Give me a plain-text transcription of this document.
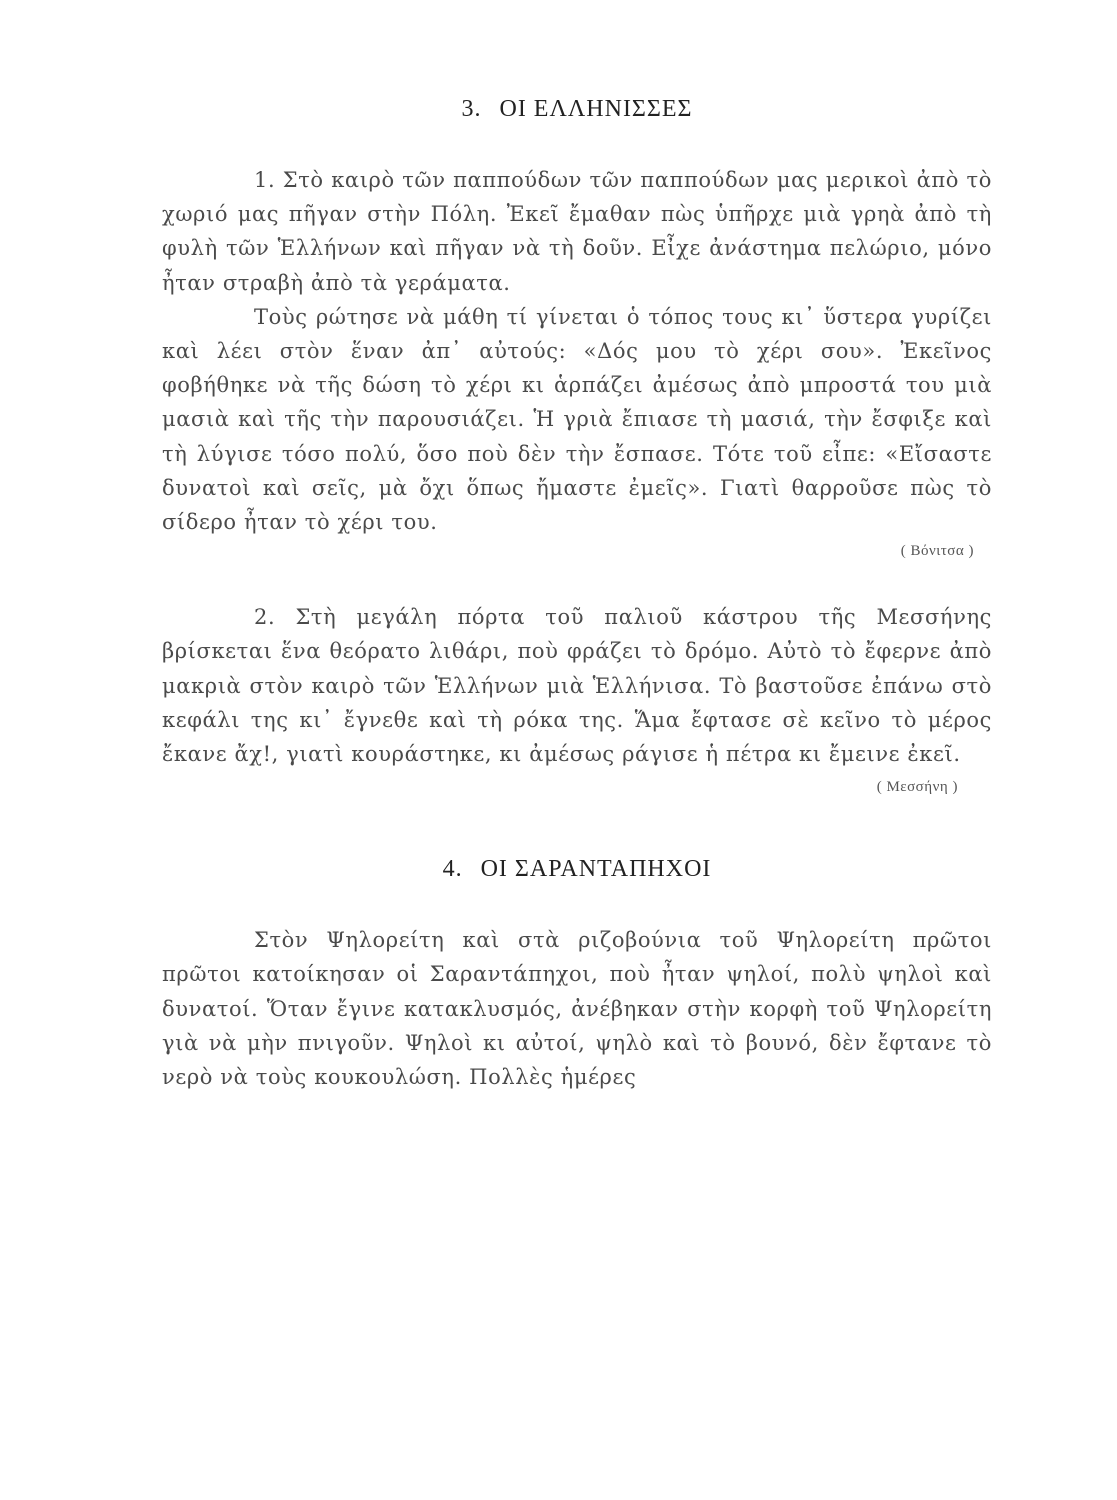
3. ΟΙ ΕΛΛΗΝΙΣΣΕΣ

1. Στὸ καιρὸ τῶν παππούδων τῶν παππούδων μας μερικοὶ ἀπὸ τὸ χωριό μας πῆγαν στὴν Πόλη. Ἐκεῖ ἔμαθαν πὼς ὑπῆρχε μιὰ γρηὰ ἀπὸ τὴ φυλὴ τῶν Ἑλλήνων καὶ πῆγαν νὰ τὴ δοῦν. Εἶχε ἀνάστημα πελώριο, μόνο ἦταν στραβὴ ἀπὸ τὰ γεράματα.

Τοὺς ρώτησε νὰ μάθη τί γίνεται ὁ τόπος τους κι᾿ ὕστερα γυρίζει καὶ λέει στὸν ἕναν ἀπ᾿ αὐτούς: «Δός μου τὸ χέρι σου». Ἐκεῖνος φοβήθηκε νὰ τῆς δώση τὸ χέρι κι ἁρπάζει ἀμέσως ἀπὸ μπροστά του μιὰ μασιὰ καὶ τῆς τὴν παρουσιάζει. Ἡ γριὰ ἔπιασε τὴ μασιά, τὴν ἔσφιξε καὶ τὴ λύγισε τόσο πολύ, ὅσο ποὺ δὲν τὴν ἔσπασε. Τότε τοῦ εἶπε: «Εἴσαστε δυνατοὶ καὶ σεῖς, μὰ ὄχι ὅπως ἤμαστε ἐμεῖς». Γιατὶ θαρροῦσε πὼς τὸ σίδερο ἦταν τὸ χέρι του.

( Βόνιτσα )

2. Στὴ μεγάλη πόρτα τοῦ παλιοῦ κάστρου τῆς Μεσσήνης βρίσκεται ἕνα θεόρατο λιθάρι, ποὺ φράζει τὸ δρόμο. Αὐτὸ τὸ ἔφερνε ἀπὸ μακριὰ στὸν καιρὸ τῶν Ἑλλήνων μιὰ Ἑλλήνισα. Τὸ βαστοῦσε ἐπάνω στὸ κεφάλι της κι᾿ ἔγνεθε καὶ τὴ ρόκα της. Ἅμα ἔφτασε σὲ κεῖνο τὸ μέρος ἔκανε ἄχ!, γιατὶ κουράστηκε, κι ἀμέσως ράγισε ἡ πέτρα κι ἔμεινε ἐκεῖ.

( Μεσσήνη )

4. ΟΙ ΣΑΡΑΝΤΑΠΗΧΟΙ

Στὸν Ψηλορείτη καὶ στὰ ριζοβούνια τοῦ Ψηλορείτη πρῶτοι πρῶτοι κατοίκησαν οἱ Σαραντάπηχοι, ποὺ ἦταν ψηλοί, πολὺ ψηλοὶ καὶ δυνατοί. Ὅταν ἔγινε κατακλυσμός, ἀνέβηκαν στὴν κορφὴ τοῦ Ψηλορείτη γιὰ νὰ μὴν πνιγοῦν. Ψηλοὶ κι αὐτοί, ψηλὸ καὶ τὸ βουνό, δὲν ἔφτανε τὸ νερὸ νὰ τοὺς κουκουλώση. Πολλὲς ἡμέρες
